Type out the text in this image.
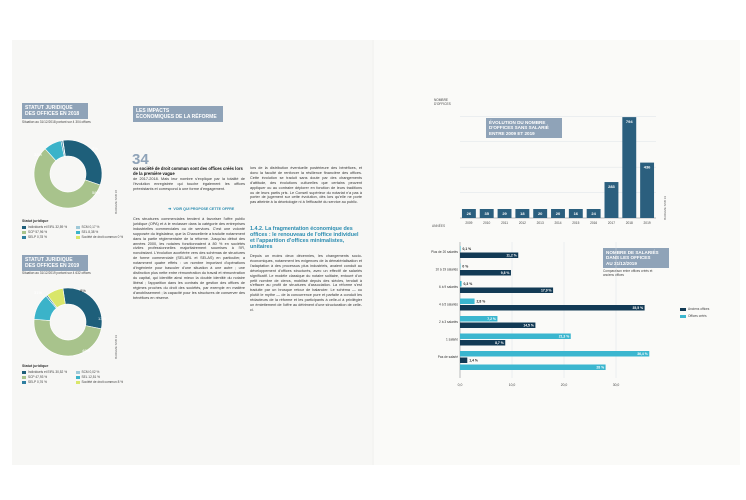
STATUT JURIDIQUE
DES OFFICES EN 2018
Situation au 31/12/2018 portant sur 4 304 offices
32%
58%
8%
BAREME SNB 18
Statut juridique
Individuels et EIRL 32,59 %	SCM 0,17 %
SCP 57,96 %	SEL 8,38 %
SELP 0,78 %	Société de droit commun 0 %
STATUT JURIDIQUE
DES OFFICES EN 2019
Situation au 31/12/2019 portant sur 4 632 offices
31%
48%
13%
8%
BAREME SNB 19
Statut juridique
Individuels et EIRL 30,52 %	SCM 0,02 %
SCP 47,93 %	SEL 12,51 %
SELP 0,76 %	Société de droit commun 8 %
LES IMPACTS
ÉCONOMIQUES DE LA RÉFORME
34
ou société de droit commun sont des offices créés lors de la première vague
de 2017-2018. Mais leur nombre s'explique par la totalité de l'évolution enregistrée qui touche également les offices préexistants et correspond à une forme d'engagement.
➜ VOIR QUI PROPOSE CETTE OFFRE
Ces structures commerciales tendent à favoriser l'offre public juridique (OPA) et à le reclasser dans la catégorie des entreprises industrielles commerciales ou de services. C'est une volonté supposée du législateur, que la Chancellerie a traduite notamment dans la partie réglementaire de la réforme. Jusqu'au début des années 2000, les notaires fonctionnaient à 80 % en sociétés civiles professionnelles majoritairement soumises à l'IR, nonobstant. L'évolution accélérée vers des schémas de structures de forme commerciale (SELARL et SELAS) en particulier, a notamment quatre effets : un nombre important d'opérations d'ingénierie pour basculer d'une situation à une autre ; une distinction plus nette entre rémunération du travail et rémunération du capital, qui identifie ainsi mieux la double identité du notaire libéral ; l'apparition dans les contrats de gestion des offices de régimes proches du droit des sociétés, par exemple en matière d'anoblissement ; la capacité pour les structures de conserver des bénéfices en réserve.
lors de la distribution éventuelle postérieure des bénéfices, et donc la faculté de renforcer la résilience financière des offices. Cette évolution se traduit sans doute par des changements d'attitude, des évolutions culturelles que certains peuvent appliquer ou au contraire déplorer en fonction de leurs traditions ou de leurs partis pris. Le Conseil supérieur du notariat n'a pas à porter de jugement sur cette évolution, dès lors qu'elle ne porte pas atteinte à la déontologie ni à l'efficacité du service au public.
1.4.2. La fragmentation économique des offices : le renouveau de l'office individuel et l'apparition d'offices minimalistes, unitaires
Depuis un moins deux décennies, les changements socio-économiques, notamment les exigences de la dématérialisation et l'adaptation à des processus plus industriels, avaient conduit au développement d'offices structurés, avec un effectif de salariés significatif. Le modèle classique du notaire solitaire, entouré d'un petit nombre de clercs, mobilisé depuis des siècles, tendait à s'effacer au profit de structures d'association. La réforme s'est traduite par un brusque retour de balancier. Le schéma — ou plutôt le mythe — de la concurrence pure et parfaite a conduit les rédacteurs de la réforme et les participants à celle-ci à privilégier un émiettement de l'offre au détriment d'une structuration de celle-ci.
NOMBRE D'OFFICES
ÉVOLUTION DU NOMBRE
D'OFFICES SANS SALARIÉ
ENTRE 2009 ET 2019
26	35	29	18	20	20	16	24
283
794
436
2009	2010	2011	2012	2013	2014	2015	2016	2017	2018	2019
ANNÉES
BAREME SNB 19
NOMBRE DE SALARIÉS
DANS LES OFFICES
AU 31/12/2019
Comparaison entre offices créés et anciens offices
Anciens offices
Offices créés
Plus de 20 salariés
10 à 19 salariés
6 à 9 salariés
4 à 5 salariés
2 à 3 salariés
1 salarié
Pas de salarié
0,1 %
11,2 %
0 %
9,8 %
0,3 %
17,9 %
2,8 %
35,5 %
7,2 %
14,5 %
21,3 %
8,7 %
36,4 %
1,4 %
28 %
0,0	10,0	20,0	30,0
